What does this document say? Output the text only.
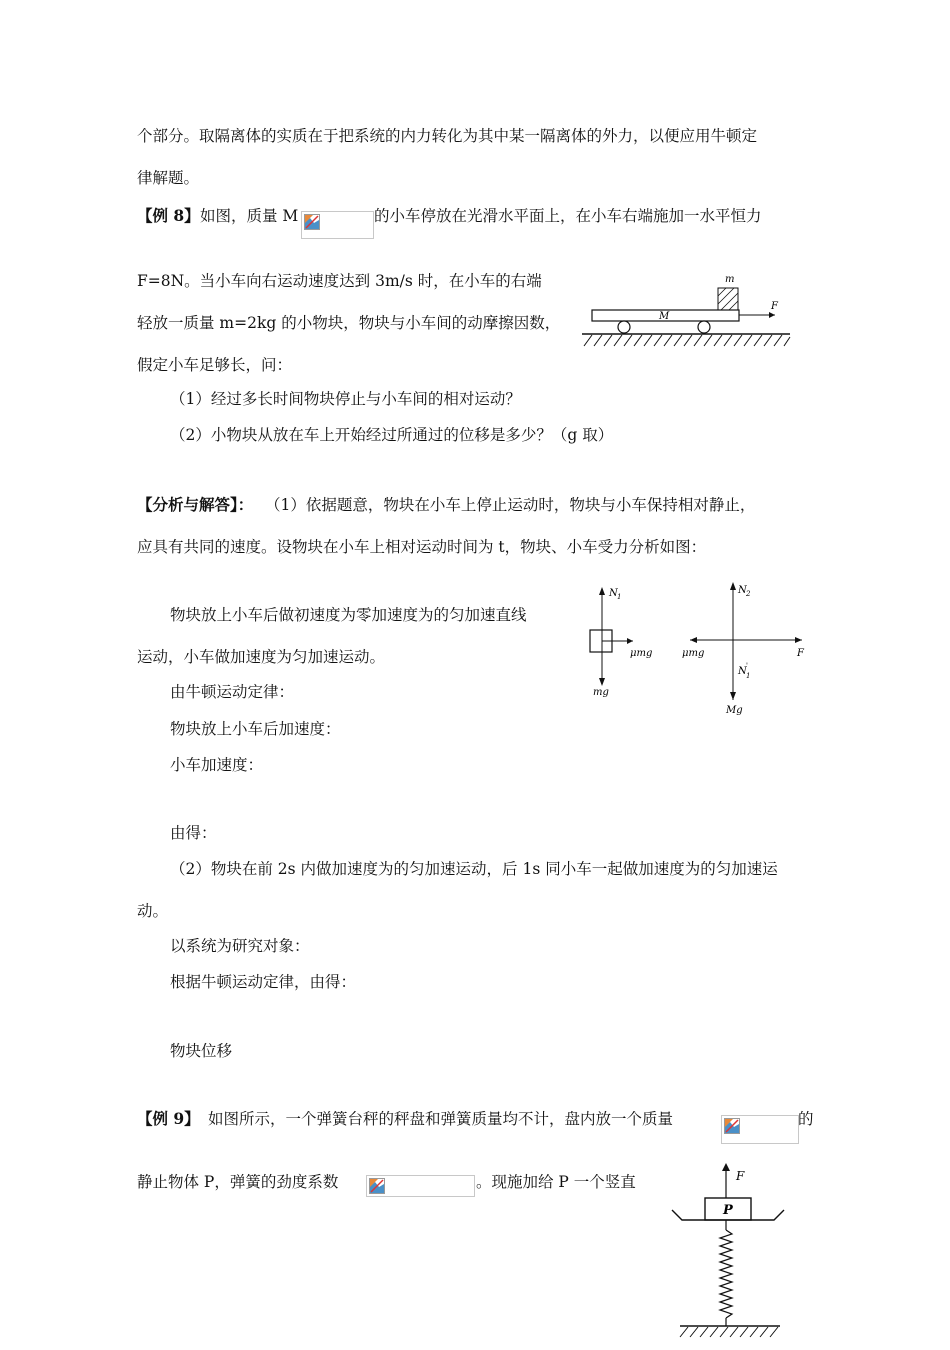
个部分。取隔离体的实质在于把系统的内力转化为其中某一隔离体的外力，以便应用牛顿定
律解题。
【例 8】 如图，质量 M	的小车停放在光滑水平面上，在小车右端施加一水平恒力
F=8N。当小车向右运动速度达到 3m/s 时，在小车的右端
轻放一质量 m=2kg 的小物块，物块与小车间的动摩擦因数，
假定小车足够长，问：
（1）经过多长时间物块停止与小车间的相对运动？
（2）小物块从放在车上开始经过所通过的位移是多少？（g 取）
m
M
F
【分析与解答】： （1）依据题意，物块在小车上停止运动时，物块与小车保持相对静止，
应具有共同的速度。设物块在小车上相对运动时间为 t，物块、小车受力分析如图：
物块放上小车后做初速度为零加速度为的匀加速直线
运动，小车做加速度为匀加速运动。
由牛顿运动定律：
物块放上小车后加速度：
小车加速度：
由得：
（2）物块在前 2s 内做加速度为的匀加速运动，后 1s 同小车一起做加速度为的匀加速运
动。
以系统为研究对象：
根据牛顿运动定律，由得：
物块位移
N 1
μmg
mg
N 2
μmg	F
N 1
'
Mg
【例 9】 如图所示，一个弹簧台秤的秤盘和弹簧质量均不计，盘内放一个质量	的
静止物体 P，弹簧的劲度系数	。现施加给 P 一个竖直	F
P
